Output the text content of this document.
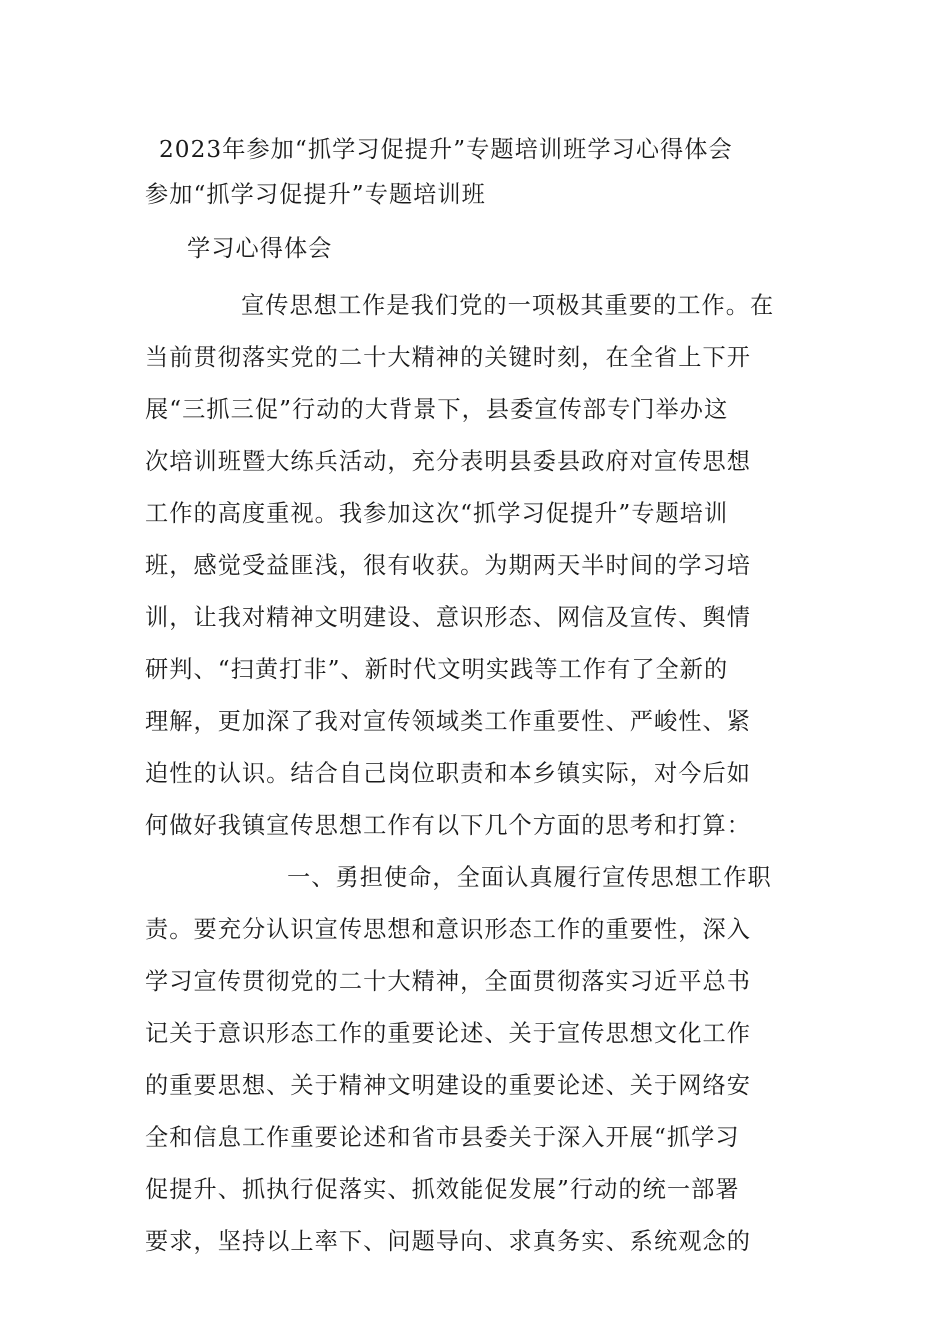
2023年参加“抓学习促提升”专题培训班学习心得体会
参加“抓学习促提升”专题培训班
学习心得体会
宣传思想工作是我们党的一项极其重要的工作。在
当前贯彻落实党的二十大精神的关键时刻，在全省上下开
展“三抓三促”行动的大背景下，县委宣传部专门举办这
次培训班暨大练兵活动，充分表明县委县政府对宣传思想
工作的高度重视。我参加这次“抓学习促提升”专题培训
班，感觉受益匪浅，很有收获。为期两天半时间的学习培
训，让我对精神文明建设、意识形态、网信及宣传、舆情
研判、“扫黄打非”、新时代文明实践等工作有了全新的
理解，更加深了我对宣传领域类工作重要性、严峻性、紧
迫性的认识。结合自己岗位职责和本乡镇实际，对今后如
何做好我镇宣传思想工作有以下几个方面的思考和打算：
一、勇担使命，全面认真履行宣传思想工作职
责。要充分认识宣传思想和意识形态工作的重要性，深入
学习宣传贯彻党的二十大精神，全面贯彻落实习近平总书
记关于意识形态工作的重要论述、关于宣传思想文化工作
的重要思想、关于精神文明建设的重要论述、关于网络安
全和信息工作重要论述和省市县委关于深入开展“抓学习
促提升、抓执行促落实、抓效能促发展”行动的统一部署
要求，坚持以上率下、问题导向、求真务实、系统观念的
